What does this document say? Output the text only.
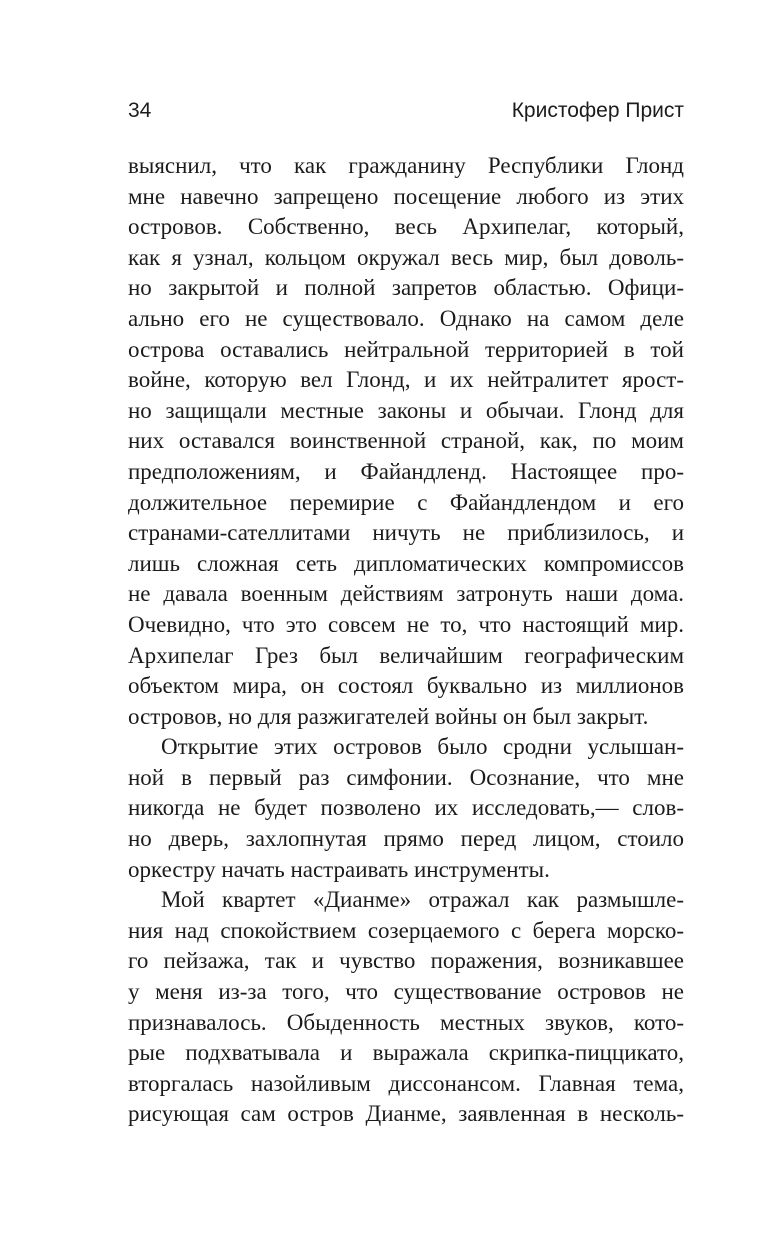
34	Кристофер Прист
выяснил, что как гражданину Республики Глонд
мне навечно запрещено посещение любого из этих
островов. Собственно, весь Архипелаг, который,
как я узнал, кольцом окружал весь мир, был доволь-
но закрытой и полной запретов областью. Офици-
ально его не существовало. Однако на самом деле
острова оставались нейтральной территорией в той
войне, которую вел Глонд, и их нейтралитет ярост-
но защищали местные законы и обычаи. Глонд для
них оставался воинственной страной, как, по моим
предположениям, и Файандленд. Настоящее про-
должительное перемирие с Файандлендом и его
странами-сателлитами ничуть не приблизилось, и
лишь сложная сеть дипломатических компромиссов
не давала военным действиям затронуть наши дома.
Очевидно, что это совсем не то, что настоящий мир.
Архипелаг Грез был величайшим географическим
объектом мира, он состоял буквально из миллионов
островов, но для разжигателей войны он был закрыт.
Открытие этих островов было сродни услышан-
ной в первый раз симфонии. Осознание, что мне
никогда не будет позволено их исследовать,— слов-
но дверь, захлопнутая прямо перед лицом, стоило
оркестру начать настраивать инструменты.
Мой квартет «Дианме» отражал как размышле-
ния над спокойствием созерцаемого с берега морско-
го пейзажа, так и чувство поражения, возникавшее
у меня из-за того, что существование островов не
признавалось. Обыденность местных звуков, кото-
рые подхватывала и выражала скрипка-пиццикато,
вторгалась назойливым диссонансом. Главная тема,
рисующая сам остров Дианме, заявленная в несколь-
